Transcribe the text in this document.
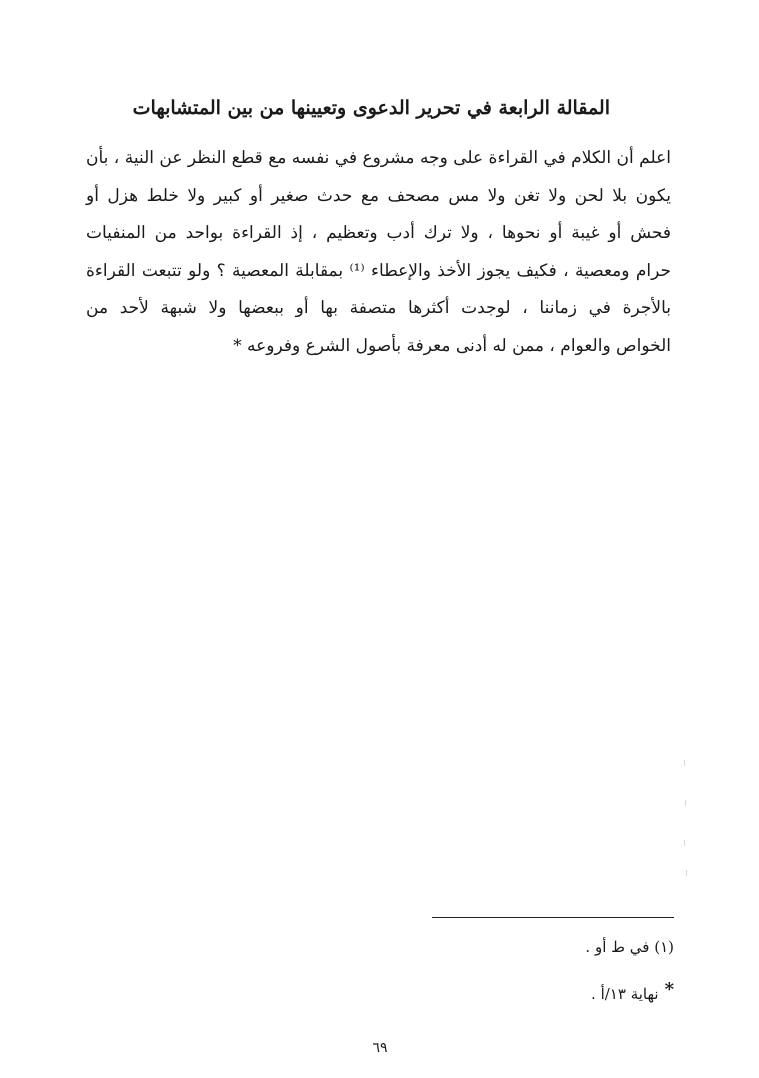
المقالة الرابعة في تحرير الدعوى وتعيينها من بين المتشابهات
اعلم أن الكلام في القراءة على وجه مشروع في نفسه مع قطع النظر عن النية ، بأن
يكون بلا لحن ولا تغن ولا مس مصحف مع حدث صغير أو كبير ولا خلط هزل أو
فحش أو غيبة أو نحوها ، ولا ترك أدب وتعظيم ، إذ القراءة بواحد من المنفيات
حرام ومعصية ، فكيف يجوز الأخذ والإعطاء ⁽¹⁾ بمقابلة المعصية ؟ ولو تتبعت القراءة
بالأجرة في زماننا ، لوجدت أكثرها متصفة بها أو ببعضها ولا شبهة لأحد من
الخواص والعوام ، ممن له أدنى معرفة بأصول الشرع وفروعه *
(١) في ط أو .
*نهاية ١٣/أ .
٦٩
